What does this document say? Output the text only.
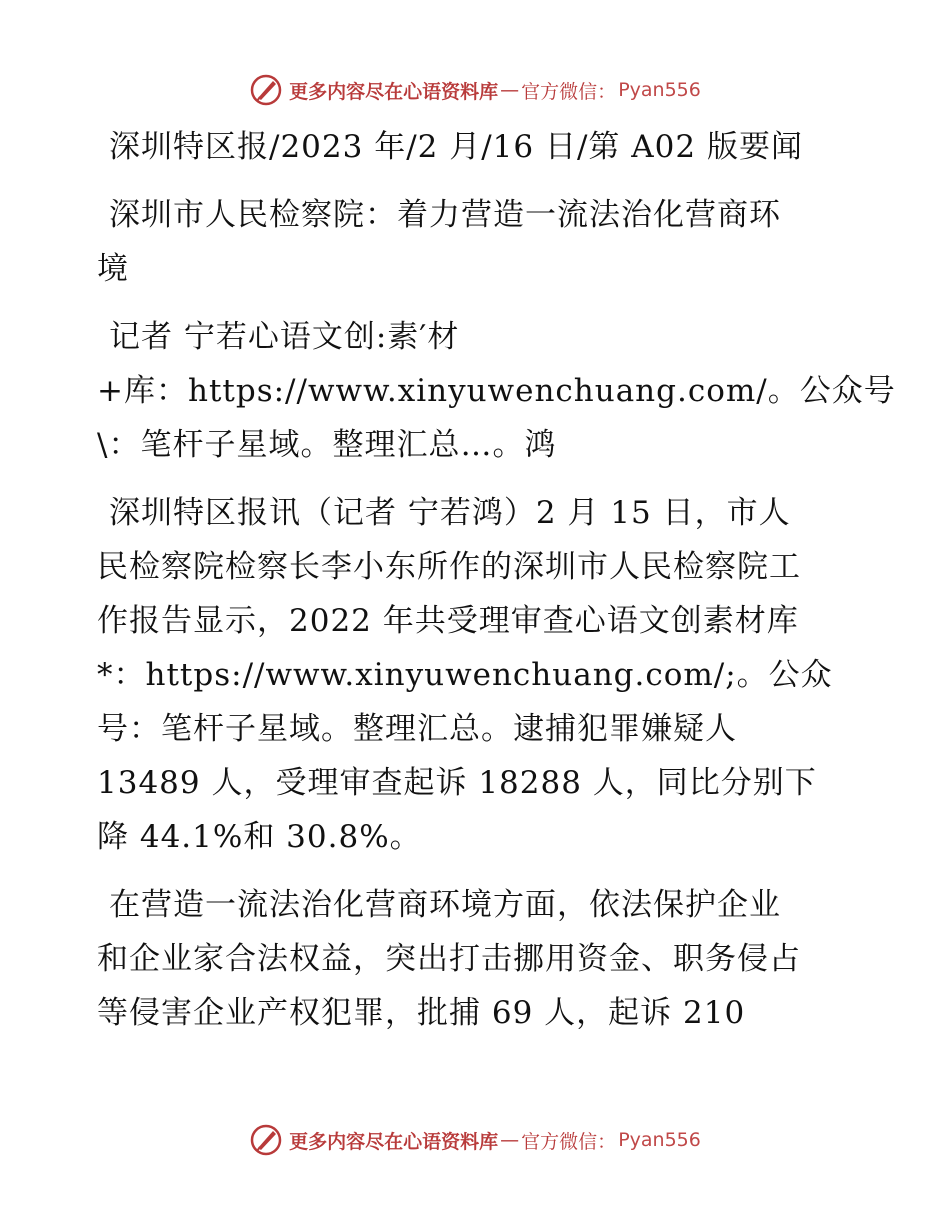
更多内容尽在心语资料库 — 官方微信： Pyan556
深圳特区报/2023 年/2 月/16 日/第 A02 版要闻
深圳市人民检察院：着力营造一流法治化营商环
境
记者 宁若心语文创:素′材
+库：https://www.xinyuwenchuang.com/。公众号
\：笔杆子星域。整理汇总…。鸿
深圳特区报讯（记者 宁若鸿）2 月 15 日，市人
民检察院检察长李小东所作的深圳市人民检察院工
作报告显示，2022 年共受理审查心语文创素材库
*：https://www.xinyuwenchuang.com/;。公众
号：笔杆子星域。整理汇总。逮捕犯罪嫌疑人
13489 人，受理审查起诉 18288 人，同比分别下
降 44.1%和 30.8%。
在营造一流法治化营商环境方面，依法保护企业
和企业家合法权益，突出打击挪用资金、职务侵占
等侵害企业产权犯罪，批捕 69 人，起诉 210
更多内容尽在心语资料库 — 官方微信： Pyan556
